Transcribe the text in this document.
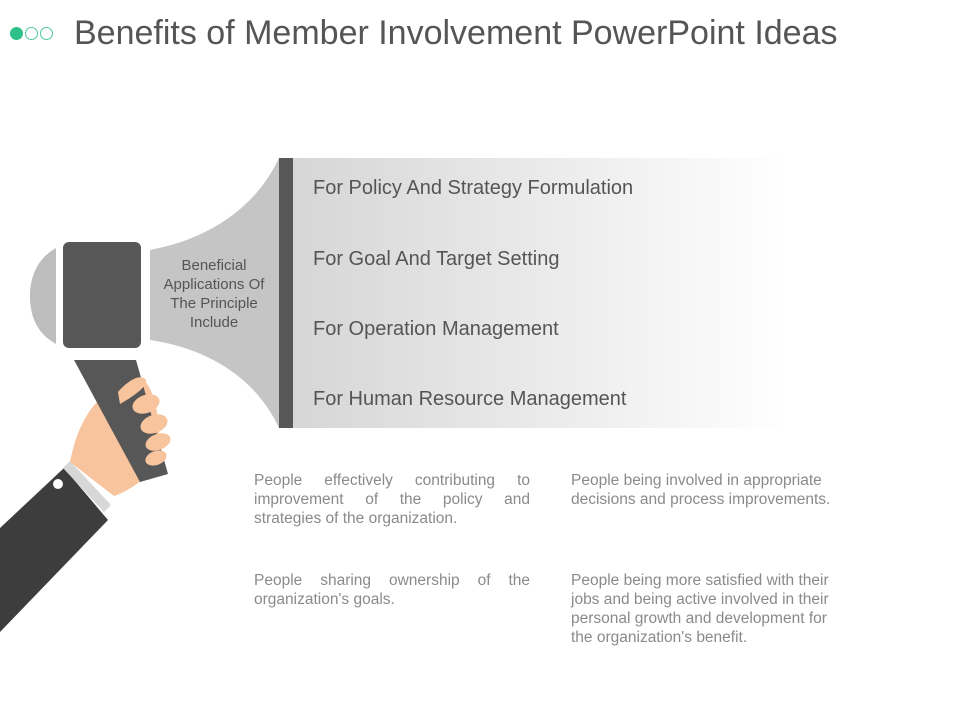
Benefits of Member Involvement PowerPoint Ideas

Beneficial Applications Of The Principle Include

For Policy And Strategy Formulation

For Goal And Target Setting

For Operation Management

For Human Resource Management

People effectively contributing to improvement of the policy and strategies of the organization.

People being involved in appropriate decisions and process improvements.

People sharing ownership of the organization's goals.

People being more satisfied with their jobs and being active involved in their personal growth and development for the organization's benefit.
